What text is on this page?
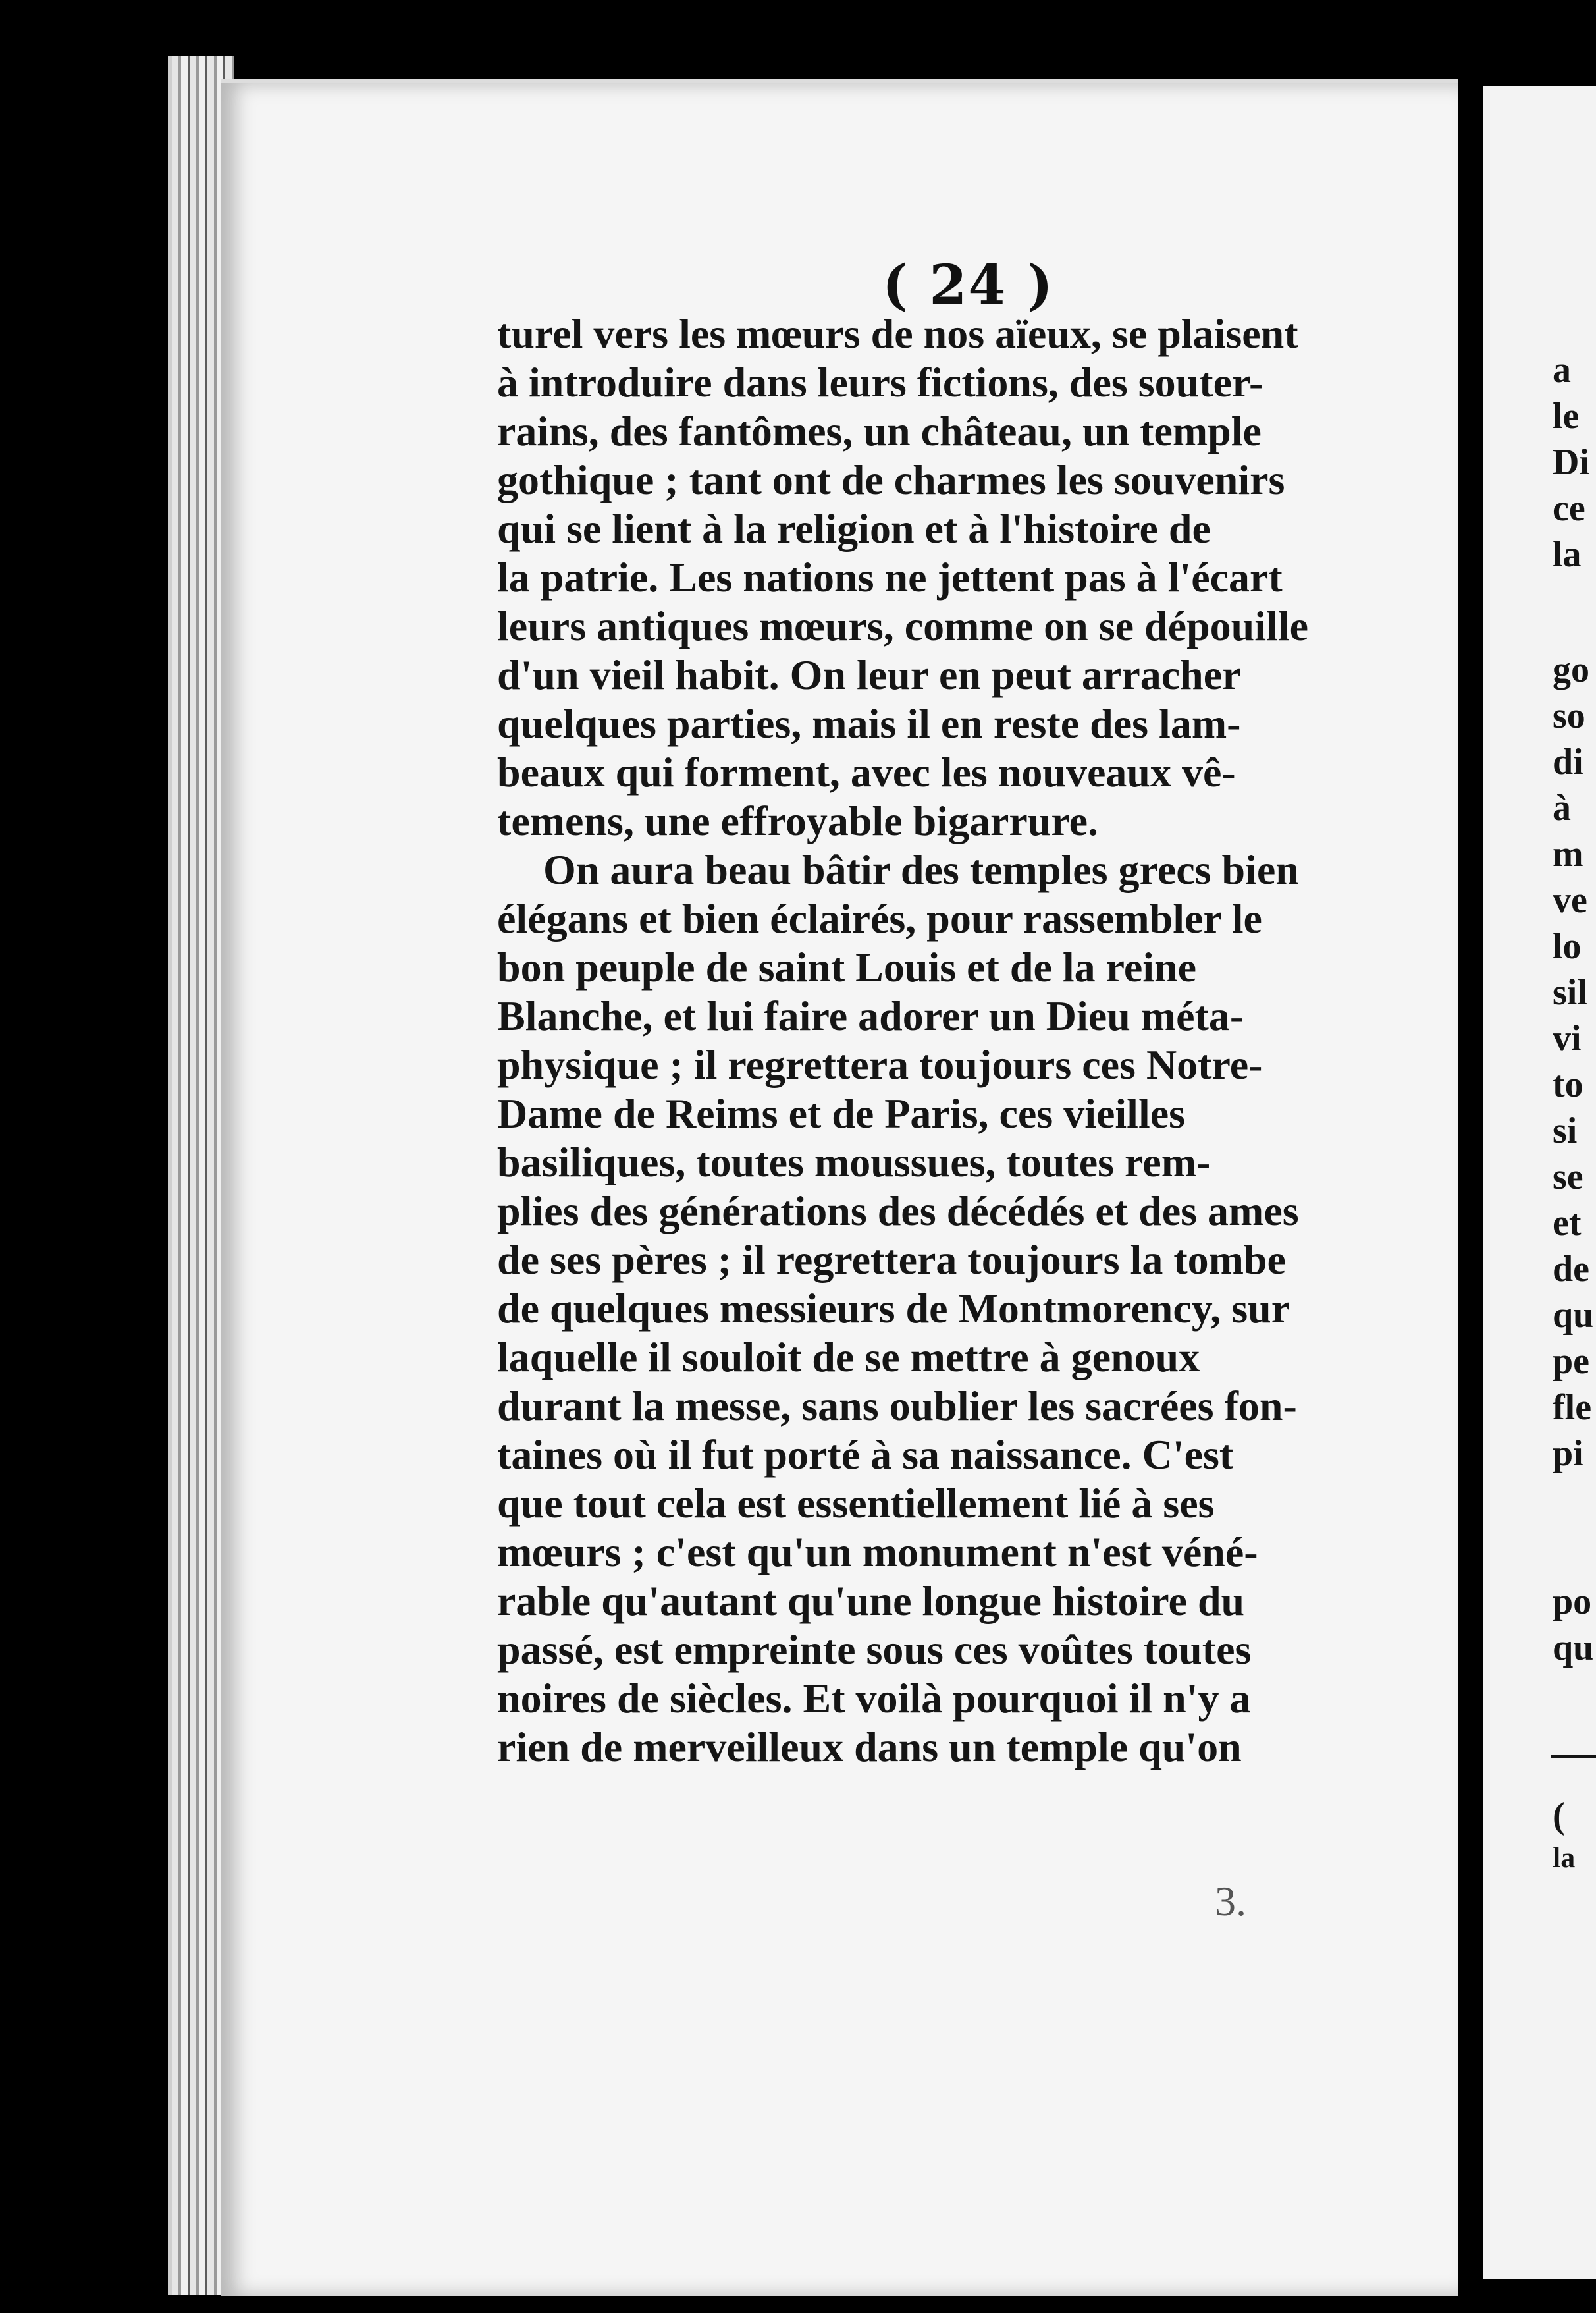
( 24 )
turel vers les mœurs de nos aïeux, se plaisent
à introduire dans leurs fictions, des souter-
rains, des fantômes, un château, un temple
gothique ; tant ont de charmes les souvenirs
qui se lient à la religion et à l'histoire de
la patrie. Les nations ne jettent pas à l'écart
leurs antiques mœurs, comme on se dépouille
d'un vieil habit. On leur en peut arracher
quelques parties, mais il en reste des lam-
beaux qui forment, avec les nouveaux vê-
temens, une effroyable bigarrure.
On aura beau bâtir des temples grecs bien
élégans et bien éclairés, pour rassembler le
bon peuple de saint Louis et de la reine
Blanche, et lui faire adorer un Dieu méta-
physique ; il regrettera toujours ces Notre-
Dame de Reims et de Paris, ces vieilles
basiliques, toutes moussues, toutes rem-
plies des générations des décédés et des ames
de ses pères ; il regrettera toujours la tombe
de quelques messieurs de Montmorency, sur
laquelle il souloit de se mettre à genoux
durant la messe, sans oublier les sacrées fon-
taines où il fut porté à sa naissance. C'est
que tout cela est essentiellement lié à ses
mœurs ; c'est qu'un monument n'est véné-
rable qu'autant qu'une longue histoire du
passé, est empreinte sous ces voûtes toutes
noires de siècles. Et voilà pourquoi il n'y a
rien de merveilleux dans un temple qu'on
3.
a
le
Di
ce
la
go
so
di
à
m
ve
lo
sil
vi
to
si
se
et
de
qu
pe
fle
pi
po
qu
(
la
